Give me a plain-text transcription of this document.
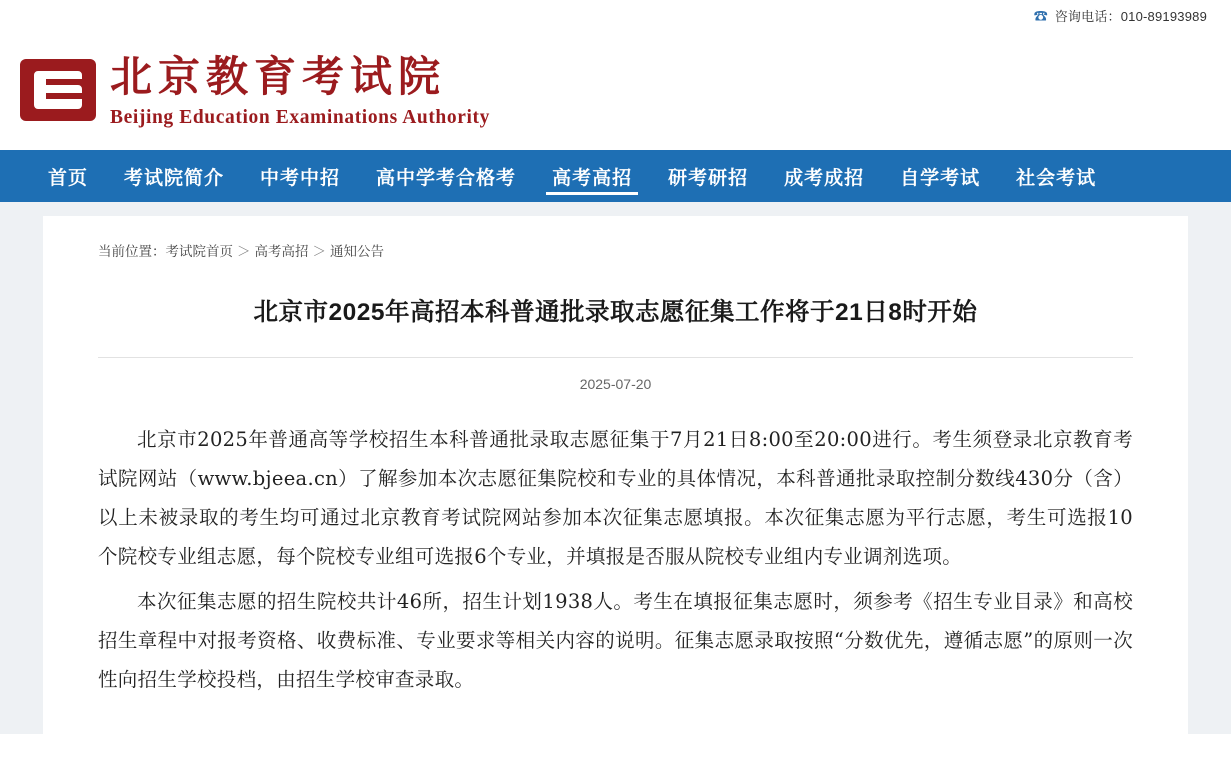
☎ 咨询电话：010-89193989
北京教育考试院
Beijing Education Examinations Authority
首页	考试院简介	中考中招	高中学考合格考	高考高招	研考研招	成考成招	自学考试	社会考试
当前位置：考试院首页 ＞ 高考高招 ＞ 通知公告
北京市2025年高招本科普通批录取志愿征集工作将于21日8时开始
2025-07-20

北京市2025年普通高等学校招生本科普通批录取志愿征集于7月21日8:00至20:00进行。考生须登录北京教育考试院网站（www.bjeea.cn）了解参加本次志愿征集院校和专业的具体情况，本科普通批录取控制分数线430分（含）以上未被录取的考生均可通过北京教育考试院网站参加本次征集志愿填报。本次征集志愿为平行志愿，考生可选报10个院校专业组志愿，每个院校专业组可选报6个专业，并填报是否服从院校专业组内专业调剂选项。

本次征集志愿的招生院校共计46所，招生计划1938人。考生在填报征集志愿时，须参考《招生专业目录》和高校招生章程中对报考资格、收费标准、专业要求等相关内容的说明。征集志愿录取按照“分数优先，遵循志愿”的原则一次性向招生学校投档，由招生学校审查录取。
